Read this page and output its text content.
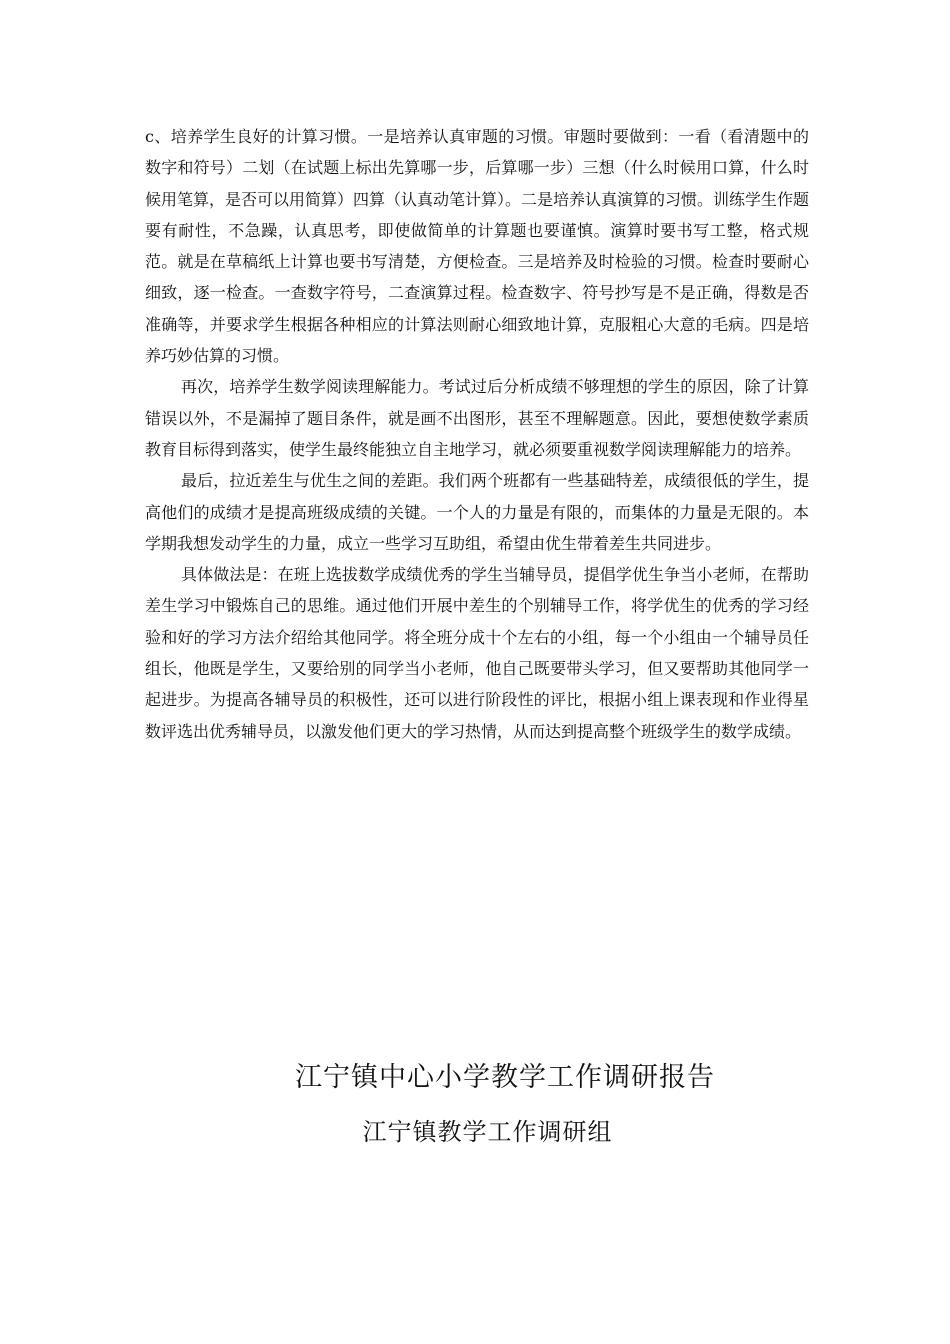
c、培养学生良好的计算习惯。一是培养认真审题的习惯。审题时要做到：一看（看清题中的数字和符号）二划（在试题上标出先算哪一步，后算哪一步）三想（什么时候用口算，什么时候用笔算，是否可以用简算）四算（认真动笔计算）。二是培养认真演算的习惯。训练学生作题要有耐性，不急躁，认真思考，即使做简单的计算题也要谨慎。演算时要书写工整，格式规范。就是在草稿纸上计算也要书写清楚，方便检查。三是培养及时检验的习惯。检查时要耐心细致，逐一检查。一查数字符号，二查演算过程。检查数字、符号抄写是不是正确，得数是否准确等，并要求学生根据各种相应的计算法则耐心细致地计算，克服粗心大意的毛病。四是培养巧妙估算的习惯。

再次，培养学生数学阅读理解能力。考试过后分析成绩不够理想的学生的原因，除了计算错误以外，不是漏掉了题目条件，就是画不出图形，甚至不理解题意。因此，要想使数学素质教育目标得到落实，使学生最终能独立自主地学习，就必须要重视数学阅读理解能力的培养。

最后，拉近差生与优生之间的差距。我们两个班都有一些基础特差，成绩很低的学生，提高他们的成绩才是提高班级成绩的关键。一个人的力量是有限的，而集体的力量是无限的。本学期我想发动学生的力量，成立一些学习互助组，希望由优生带着差生共同进步。

具体做法是：在班上选拔数学成绩优秀的学生当辅导员，提倡学优生争当小老师，在帮助差生学习中锻炼自己的思维。通过他们开展中差生的个别辅导工作，将学优生的优秀的学习经验和好的学习方法介绍给其他同学。将全班分成十个左右的小组，每一个小组由一个辅导员任组长，他既是学生，又要给别的同学当小老师，他自己既要带头学习，但又要帮助其他同学一起进步。为提高各辅导员的积极性，还可以进行阶段性的评比，根据小组上课表现和作业得星数评选出优秀辅导员，以激发他们更大的学习热情，从而达到提高整个班级学生的数学成绩。

江宁镇中心小学教学工作调研报告
江宁镇教学工作调研组
